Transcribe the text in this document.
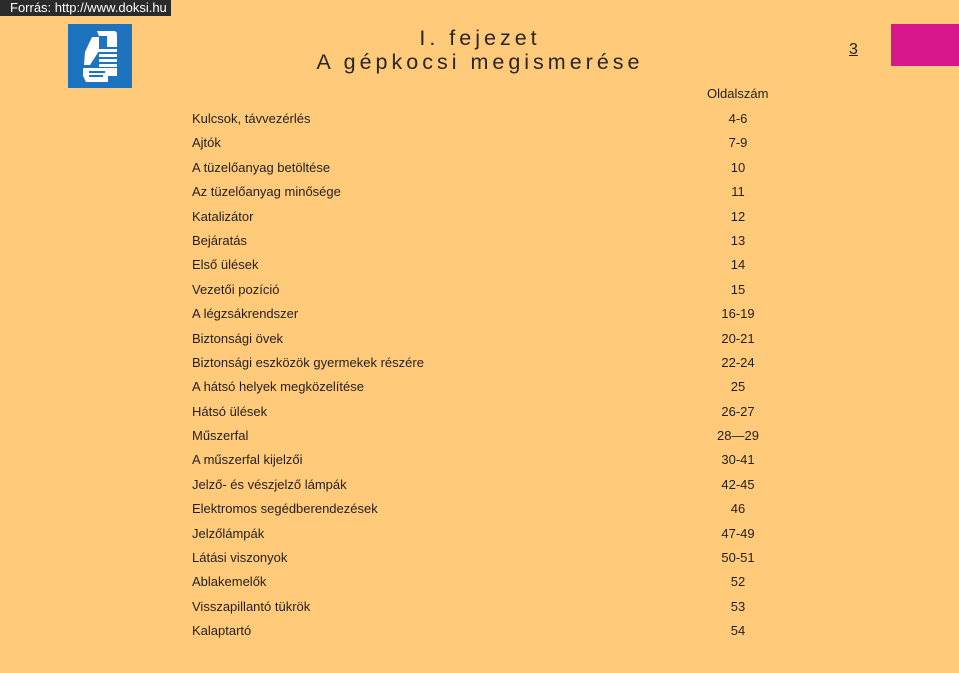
Forrás: http://www.doksi.hu
I. fejezet
A gépkocsi megismerése
3
Oldalszám
Kulcsok, távvezérlés	4-6
Ajtók	7-9
A tüzelőanyag betöltése	10
Az tüzelőanyag minősége	11
Katalizátor	12
Bejáratás	13
Első ülések	14
Vezetői pozíció	15
A légzsákrendszer	16-19
Biztonsági övek	20-21
Biztonsági eszközök gyermekek részére	22-24
A hátsó helyek megközelítése	25
Hátsó ülések	26-27
Műszerfal	28—29
A műszerfal kijelzői	30-41
Jelző- és vészjelző lámpák	42-45
Elektromos segédberendezések	46
Jelzőlámpák	47-49
Látási viszonyok	50-51
Ablakemelők	52
Visszapillantó tükrök	53
Kalaptartó	54
